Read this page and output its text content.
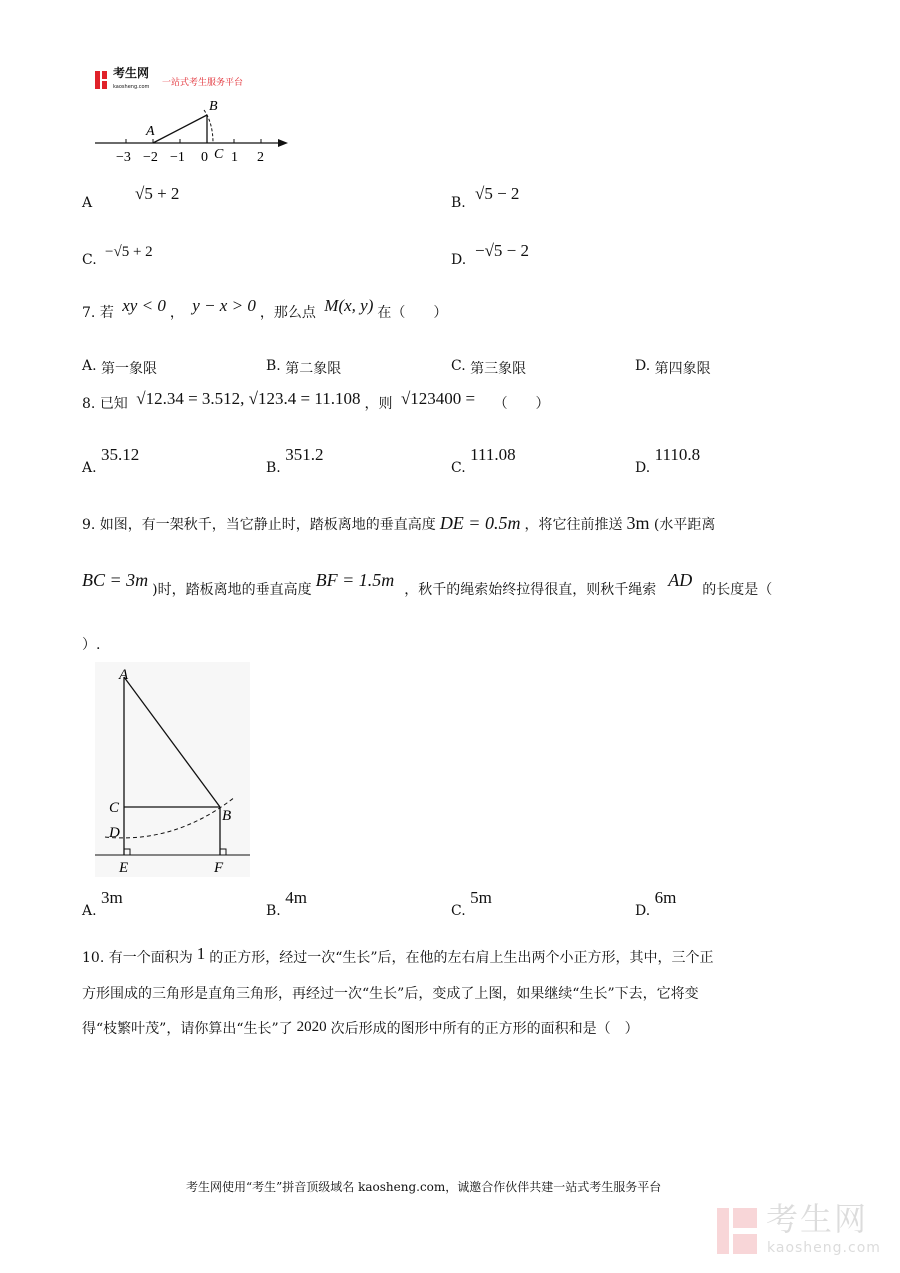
考生网
kaosheng.com 一站式考生服务平台
A
B
C
−3 −2 −1 0 1 2
A	√5 + 2	B. √5 − 2
C. −√5 + 2	D. −√5 − 2
7. 若 xy < 0 ， y − x > 0 ，那么点 M(x, y) 在（　　）
A. 第一象限	B. 第二象限	C. 第三象限	D. 第四象限
8. 已知 √12.34 = 3.512, √123.4 = 11.108 ，则 √123400 = （　　）
A. 35.12
B. 351.2
C. 111.08
D. 1110.8
9. 如图，有一架秋千，当它静止时，踏板离地的垂直高度 DE = 0.5m ，将它往前推送 3m (水平距离
BC = 3m )时，踏板离地的垂直高度 BF = 1.5m ，秋千的绳索始终拉得很直，则秋千绳索 AD 的长度是（
）.
A
C	B
D
E	F
A. 3m
B. 4m
C. 5m
D. 6m
10. 有一个面积为 1 的正方形，经过一次“生长”后，在他的左右肩上生出两个小正方形，其中，三个正
方形围成的三角形是直角三角形，再经过一次“生长”后，变成了上图，如果继续“生长”下去，它将变
得“枝繁叶茂”，请你算出“生长”了 2020 次后形成的图形中所有的正方形的面积和是（　）
考生网使用“考生”拼音顶级域名 kaosheng.com，诚邀合作伙伴共建一站式考生服务平台
考生网
kaosheng.com
